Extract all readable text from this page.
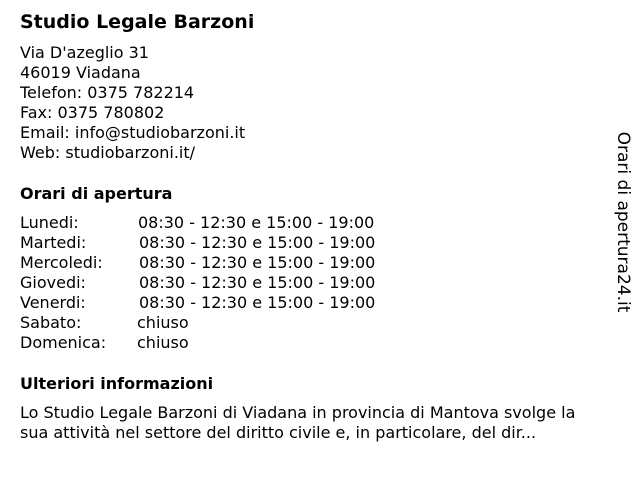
Studio Legale Barzoni
Via D'azeglio 31
46019 Viadana
Telefon: 0375 782214
Fax: 0375 780802
Email: info@studiobarzoni.it
Web: studiobarzoni.it/
Orari di apertura
Lunedi:	08:30 - 12:30 e 15:00 - 19:00
Martedi:	08:30 - 12:30 e 15:00 - 19:00
Mercoledi:	08:30 - 12:30 e 15:00 - 19:00
Giovedi:	08:30 - 12:30 e 15:00 - 19:00
Venerdi:	08:30 - 12:30 e 15:00 - 19:00
Sabato:	chiuso
Domenica:	chiuso
Ulteriori informazioni
Lo Studio Legale Barzoni di Viadana in provincia di Mantova svolge la
sua attività nel settore del diritto civile e, in particolare, del dir...
Orari di apertura24.it
